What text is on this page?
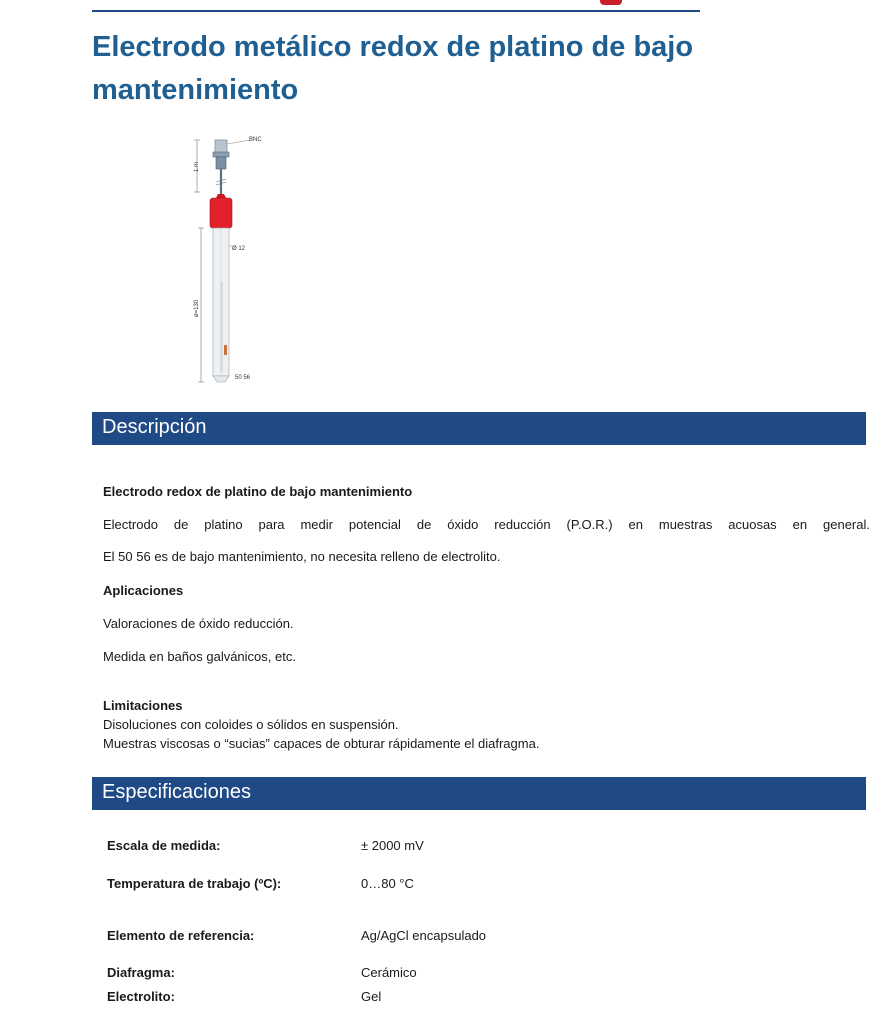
Electrodo metálico redox de platino de bajo mantenimiento
1 m
BNC
Ø 12
ø=130
50 56
Descripción

Electrodo redox de platino de bajo mantenimiento

Electrodo de platino para medir potencial de óxido reducción (P.O.R.) en muestras acuosas en general.

El 50 56 es de bajo mantenimiento, no necesita relleno de electrolito.

Aplicaciones

Valoraciones de óxido reducción.

Medida en baños galvánicos, etc.

Limitaciones

Disoluciones con coloides o sólidos en suspensión.

Muestras viscosas o “sucias” capaces de obturar rápidamente el diafragma.

Especificaciones
Escala de medida:	± 2000 mV
Temperatura de trabajo (ºC):	0…80 °C
Elemento de referencia:	Ag/AgCl encapsulado
Diafragma:	Cerámico
Electrolito:	Gel
